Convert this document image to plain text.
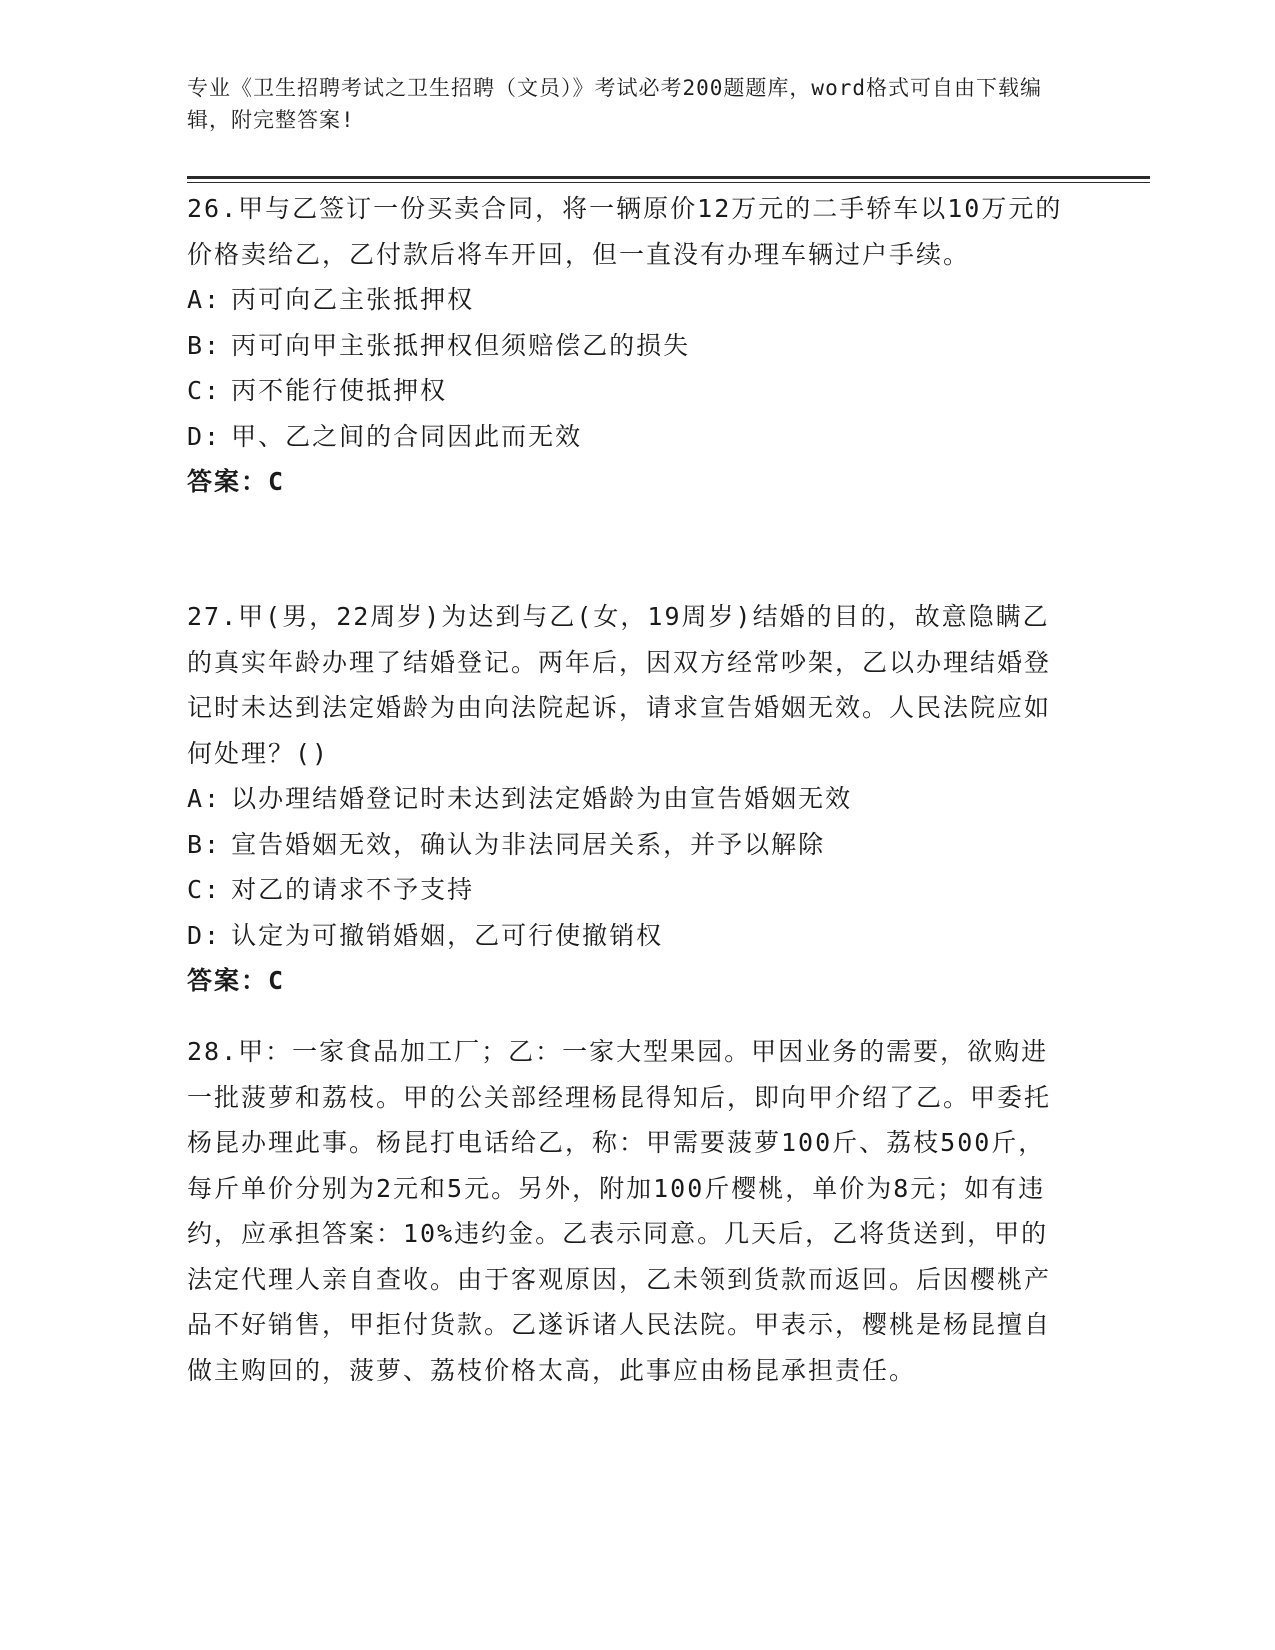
专业《卫生招聘考试之卫生招聘（文员）》考试必考200题题库，word格式可自由下载编辑，附完整答案!

26.甲与乙签订一份买卖合同，将一辆原价12万元的二手轿车以10万元的价格卖给乙，乙付款后将车开回，但一直没有办理车辆过户手续。

A: 丙可向乙主张抵押权
B: 丙可向甲主张抵押权但须赔偿乙的损失
C: 丙不能行使抵押权
D: 甲、乙之间的合同因此而无效
答案：C

27.甲(男，22周岁)为达到与乙(女，19周岁)结婚的目的，故意隐瞒乙的真实年龄办理了结婚登记。两年后，因双方经常吵架，乙以办理结婚登记时未达到法定婚龄为由向法院起诉，请求宣告婚姻无效。人民法院应如何处理？()

A: 以办理结婚登记时未达到法定婚龄为由宣告婚姻无效
B: 宣告婚姻无效，确认为非法同居关系，并予以解除
C: 对乙的请求不予支持
D: 认定为可撤销婚姻，乙可行使撤销权
答案：C

28.甲：一家食品加工厂；乙：一家大型果园。甲因业务的需要，欲购进一批菠萝和荔枝。甲的公关部经理杨昆得知后，即向甲介绍了乙。甲委托杨昆办理此事。杨昆打电话给乙，称：甲需要菠萝100斤、荔枝500斤，每斤单价分别为2元和5元。另外，附加100斤樱桃，单价为8元；如有违约，应承担答案：10%违约金。乙表示同意。几天后，乙将货送到，甲的法定代理人亲自查收。由于客观原因，乙未领到货款而返回。后因樱桃产品不好销售，甲拒付货款。乙遂诉诸人民法院。甲表示，樱桃是杨昆擅自做主购回的，菠萝、荔枝价格太高，此事应由杨昆承担责任。
